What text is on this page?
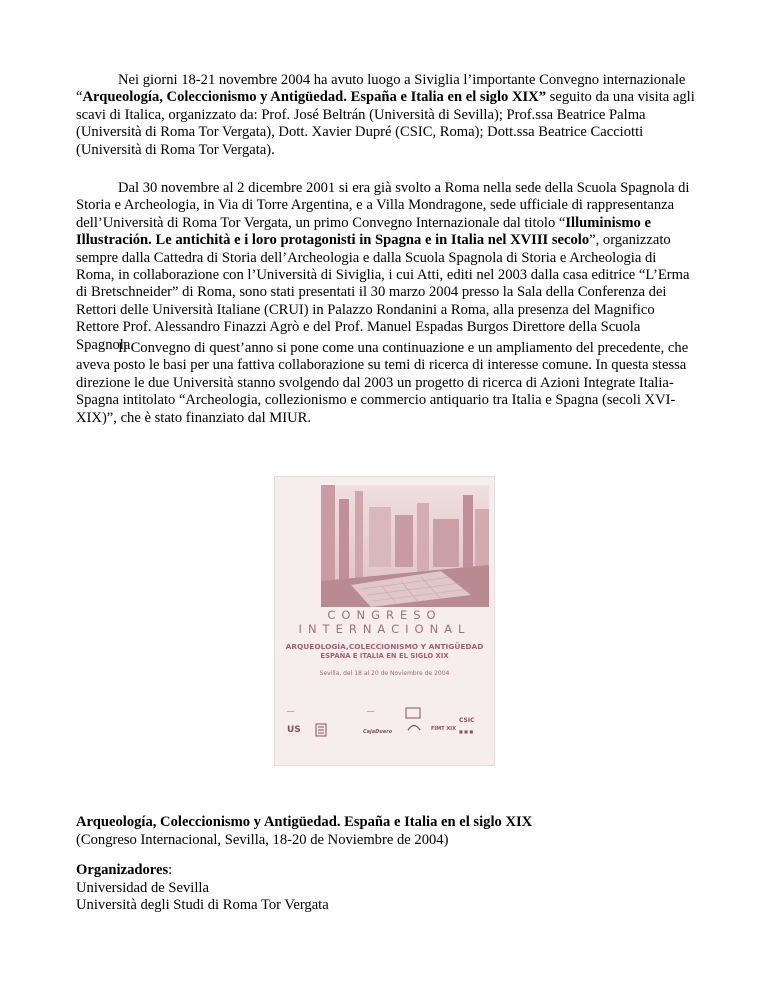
Nei giorni 18-21 novembre 2004 ha avuto luogo a Siviglia l’importante Convegno internazionale “Arqueología, Coleccionismo y Antigüedad. España e Italia en el siglo XIX” seguito da una visita agli scavi di Italica, organizzato da: Prof. José Beltrán (Università di Sevilla); Prof.ssa Beatrice Palma (Università di Roma Tor Vergata), Dott. Xavier Dupré (CSIC, Roma); Dott.ssa Beatrice Cacciotti (Università di Roma Tor Vergata).

Dal 30 novembre al 2 dicembre 2001 si era già svolto a Roma nella sede della Scuola Spagnola di Storia e Archeologia, in Via di Torre Argentina, e a Villa Mondragone, sede ufficiale di rappresentanza dell’Università di Roma Tor Vergata, un primo Convegno Internazionale dal titolo “Illuminismo e Illustración. Le antichità e i loro protagonisti in Spagna e in Italia nel XVIII secolo”, organizzato sempre dalla Cattedra di Storia dell’Archeologia e dalla Scuola Spagnola di Storia e Archeologia di Roma, in collaborazione con l’Università di Siviglia, i cui Atti, editi nel 2003 dalla casa editrice “L’Erma di Bretschneider” di Roma, sono stati presentati il 30 marzo 2004 presso la Sala della Conferenza dei Rettori delle Università Italiane (CRUI) in Palazzo Rondanini a Roma, alla presenza del Magnifico Rettore Prof. Alessandro Finazzi Agrò e del Prof. Manuel Espadas Burgos Direttore della Scuola Spagnola.

Il Convegno di quest’anno si pone come una continuazione e un ampliamento del precedente, che aveva posto le basi per una fattiva collaborazione su temi di ricerca di interesse comune. In questa stessa direzione le due Università stanno svolgendo dal 2003 un progetto di ricerca di Azioni Integrate Italia-Spagna intitolato “Archeologia, collezionismo e commercio antiquario tra Italia e Spagna (secoli XVI-XIX)”, che è stato finanziato dal MIUR.

Arqueología, Coleccionismo y Antigüedad. España e Italia en el siglo XIX

(Congreso Internacional, Sevilla, 18-20 de Noviembre de 2004)

Organizadores:

Universidad de Sevilla

Università degli Studi di Roma Tor Vergata

CONGRESO
INTERNACIONAL
ARQUEOLOGÍA,COLECCIONISMO Y ANTIGÜEDAD
ESPAÑA E ITALIA EN EL SIGLO XIX
Sevilla, del 18 al 20 de Noviembre de 2004
━━━	━━━
US	CajaDuero	FIMT XIX
CSIC
■ ■ ■
